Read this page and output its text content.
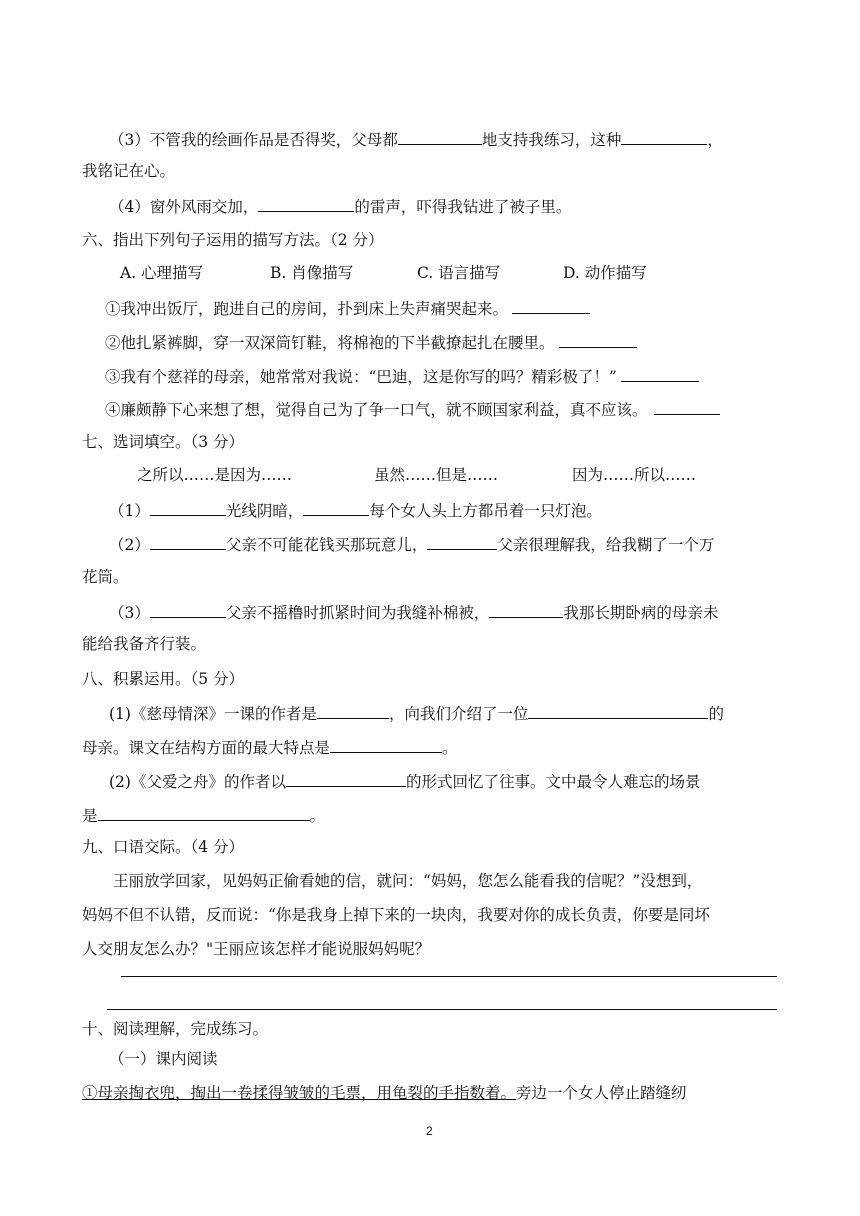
（3）不管我的绘画作品是否得奖，父母都	地支持我练习，这种	，
我铭记在心。
（4）窗外风雨交加，	的雷声，吓得我钻进了被子里。
六、指出下列句子运用的描写方法。（2 分）
A. 心理描写	B. 肖像描写	C. 语言描写	D. 动作描写
①我冲出饭厅，跑进自己的房间，扑到床上失声痛哭起来。
②他扎紧裤脚，穿一双深筒钉鞋，将棉袍的下半截撩起扎在腰里。
③我有个慈祥的母亲，她常常对我说：“巴迪，这是你写的吗？精彩极了！”
④廉颇静下心来想了想，觉得自己为了争一口气，就不顾国家利益，真不应该。
七、选词填空。（3 分）
之所以……是因为……	虽然……但是……	因为……所以……
（1）	光线阴暗，	每个女人头上方都吊着一只灯泡。
（2）	父亲不可能花钱买那玩意儿，	父亲很理解我，给我糊了一个万
花筒。
（3）	父亲不摇橹时抓紧时间为我缝补棉被，	我那长期卧病的母亲未
能给我备齐行装。
八、积累运用。（5 分）
(1)《慈母情深》一课的作者是	，向我们介绍了一位	的
母亲。课文在结构方面的最大特点是	。
(2)《父爱之舟》的作者以	的形式回忆了往事。文中最令人难忘的场景
是	。
九、口语交际。（4 分）
王丽放学回家，见妈妈正偷看她的信，就问：“妈妈，您怎么能看我的信呢？”没想到，
妈妈不但不认错，反而说：“你是我身上掉下来的一块肉，我要对你的成长负责，你要是同坏
人交朋友怎么办？"王丽应该怎样才能说服妈妈呢？
十、阅读理解，完成练习。
（一）课内阅读
①母亲掏衣兜，掏出一卷揉得皱皱的毛票，用龟裂的手指数着。旁边一个女人停止踏缝纫
2
